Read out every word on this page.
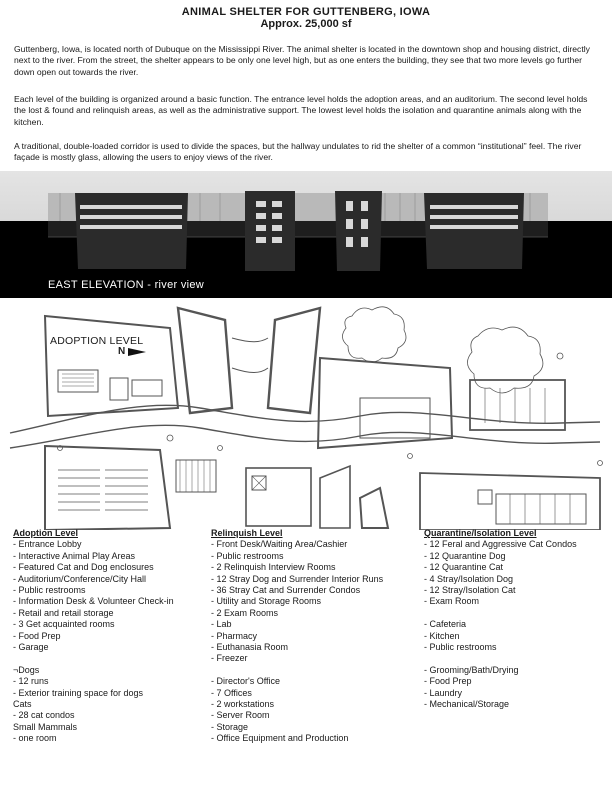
ANIMAL SHELTER FOR GUTTENBERG, IOWA
Approx. 25,000 sf

Guttenberg, Iowa, is located north of Dubuque on the Mississippi River. The animal shelter is located in the downtown shop and housing district, directly next to the river. From the street, the shelter appears to be only one level high, but as one enters the building, they see that two more levels go further down open out towards the river.

Each level of the building is organized around a basic function. The entrance level holds the adoption areas, and an auditorium. The second level holds the lost & found and relinquish areas, as well as the administrative support. The lowest level holds the isolation and quarantine animals along with the kitchen.

A traditional, double-loaded corridor is used to divide the spaces, but the hallway undulates to rid the shelter of a common “institutional” feel. The river façade is mostly glass, allowing the users to enjoy views of the river.

EAST ELEVATION - river view
ADOPTION LEVEL
N
Adoption Level
- Entrance Lobby
- Interactive Animal Play Areas
- Featured Cat and Dog enclosures
- Auditorium/Conference/City Hall
- Public restrooms
- Information Desk & Volunteer Check-in
- Retail and retail storage
- 3 Get acquainted rooms
- Food Prep
- Garage
¬Dogs
- 12 runs
- Exterior training space for dogs
Cats
- 28 cat condos
Small Mammals
- one room
Relinquish Level
- Front Desk/Waiting Area/Cashier
- Public restrooms
- 2 Relinquish Interview Rooms
- 12 Stray Dog and Surrender Interior Runs
- 36 Stray Cat and Surrender Condos
- Utility and Storage Rooms
- 2 Exam Rooms
- Lab
- Pharmacy
- Euthanasia Room
- Freezer
- Director's Office
- 7 Offices
- 2 workstations
- Server Room
- Storage
- Office Equipment and Production
Quarantine/Isolation Level
- 12 Feral and Aggressive Cat Condos
- 12 Quarantine Dog
- 12 Quarantine Cat
- 4 Stray/Isolation Dog
- 12 Stray/Isolation Cat
- Exam Room
- Cafeteria
- Kitchen
- Public restrooms
- Grooming/Bath/Drying
- Food Prep
- Laundry
- Mechanical/Storage
